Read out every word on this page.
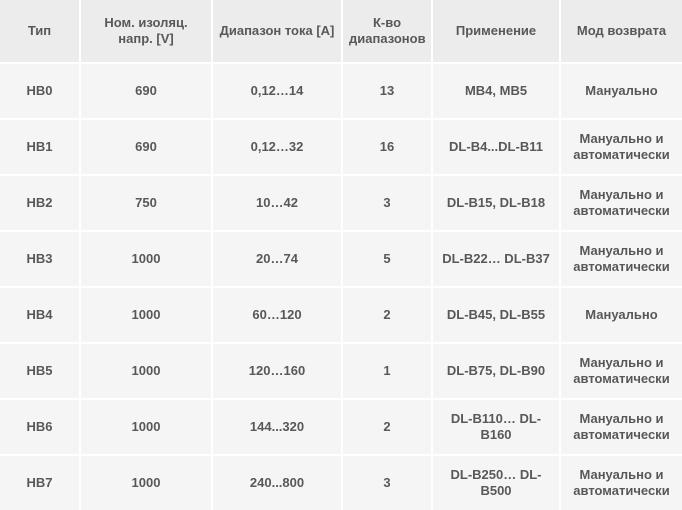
Тип	Ном. изоляц. напр. [V]	Диапазон тока [A]	К-во диапазонов	Применение	Мод возврата
HB0	690	0,12…14	13	MB4, MB5	Мануально
HB1	690	0,12…32	16	DL-B4...DL-B11	Мануально и автоматически
HB2	750	10…42	3	DL-B15, DL-B18	Мануально и автоматически
HB3	1000	20…74	5	DL-B22… DL-B37	Мануально и автоматически
HB4	1000	60…120	2	DL-B45, DL-B55	Мануально
HB5	1000	120…160	1	DL-B75, DL-B90	Мануально и автоматически
HB6	1000	144...320	2	DL-B110… DL-B160	Мануально и автоматически
HB7	1000	240...800	3	DL-B250… DL-B500	Мануально и автоматически
